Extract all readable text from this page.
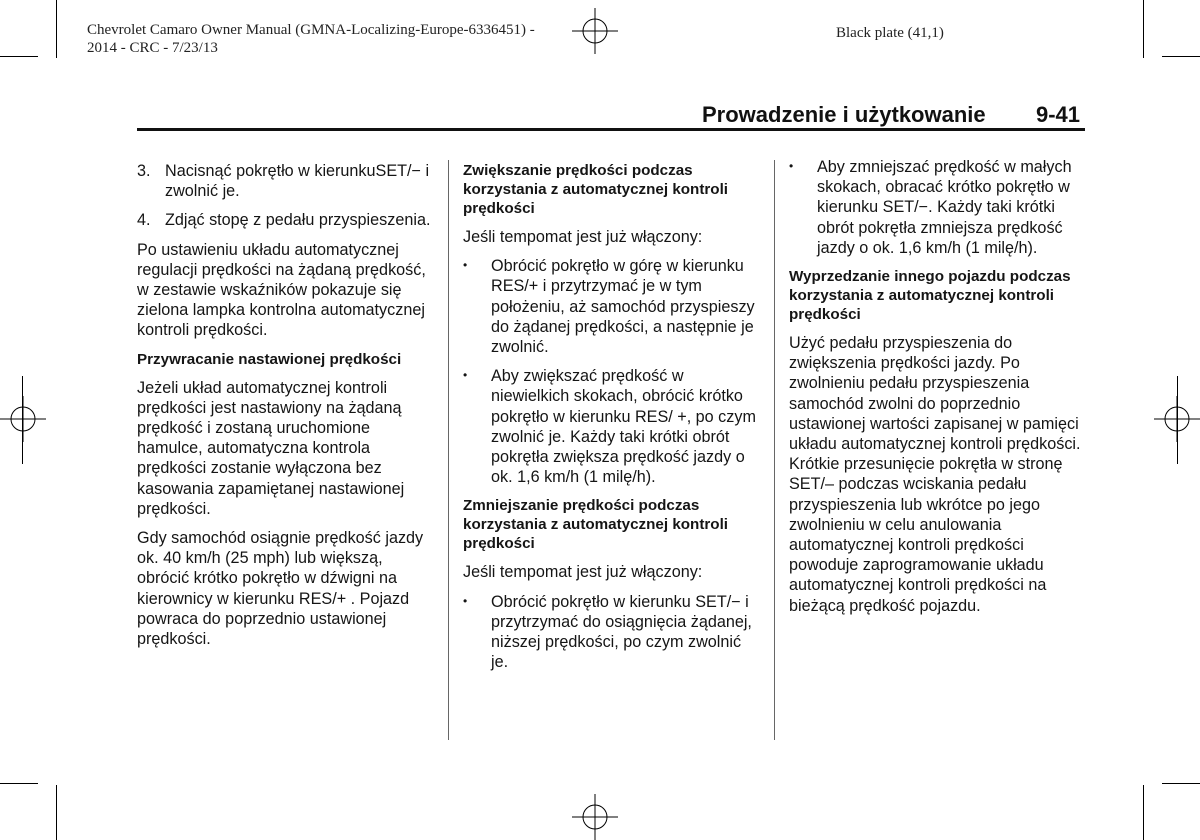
Chevrolet Camaro Owner Manual (GMNA-Localizing-Europe-6336451) -
2014 - CRC - 7/23/13
Black plate (41,1)
Prowadzenie i użytkowanie 9-41
3. Nacisnąć pokrętło w kierunkuSET/− i zwolnić je.
4. Zdjąć stopę z pedału przyspieszenia.

Po ustawieniu układu automatycznej regulacji prędkości na żądaną prędkość, w zestawie wskaźników pokazuje się zielona lampka kontrolna automatycznej kontroli prędkości.

Przywracanie nastawionej prędkości

Jeżeli układ automatycznej kontroli prędkości jest nastawiony na żądaną prędkość i zostaną uruchomione hamulce, automatyczna kontrola prędkości zostanie wyłączona bez kasowania zapamiętanej nastawionej prędkości.

Gdy samochód osiągnie prędkość jazdy ok. 40 km/h (25 mph) lub większą, obrócić krótko pokrętło w dźwigni na kierownicy w kierunku RES/+ . Pojazd powraca do poprzednio ustawionej prędkości.

Zwiększanie prędkości podczas korzystania z automatycznej kontroli prędkości

Jeśli tempomat jest już włączony:

•	Obrócić pokrętło w górę w kierunku RES/+ i przytrzymać je w tym położeniu, aż samochód przyspieszy do żądanej prędkości, a następnie je zwolnić.
•	Aby zwiększać prędkość w niewielkich skokach, obrócić krótko pokrętło w kierunku RES/ +, po czym zwolnić je. Każdy taki krótki obrót pokrętła zwiększa prędkość jazdy o ok. 1,6 km/h (1 milę/h).
Zmniejszanie prędkości podczas korzystania z automatycznej kontroli prędkości

Jeśli tempomat jest już włączony:

•	Obrócić pokrętło w kierunku SET/− i przytrzymać do osiągnięcia żądanej, niższej prędkości, po czym zwolnić je.
•	Aby zmniejszać prędkość w małych skokach, obracać krótko pokrętło w kierunku SET/−. Każdy taki krótki obrót pokrętła zmniejsza prędkość jazdy o ok. 1,6 km/h (1 milę/h).
Wyprzedzanie innego pojazdu podczas korzystania z automatycznej kontroli prędkości

Użyć pedału przyspieszenia do zwiększenia prędkości jazdy. Po zwolnieniu pedału przyspieszenia samochód zwolni do poprzednio ustawionej wartości zapisanej w pamięci układu automatycznej kontroli prędkości. Krótkie przesunięcie pokrętła w stronę SET/– podczas wciskania pedału przyspieszenia lub wkrótce po jego zwolnieniu w celu anulowania automatycznej kontroli prędkości powoduje zaprogramowanie układu automatycznej kontroli prędkości na bieżącą prędkość pojazdu.
